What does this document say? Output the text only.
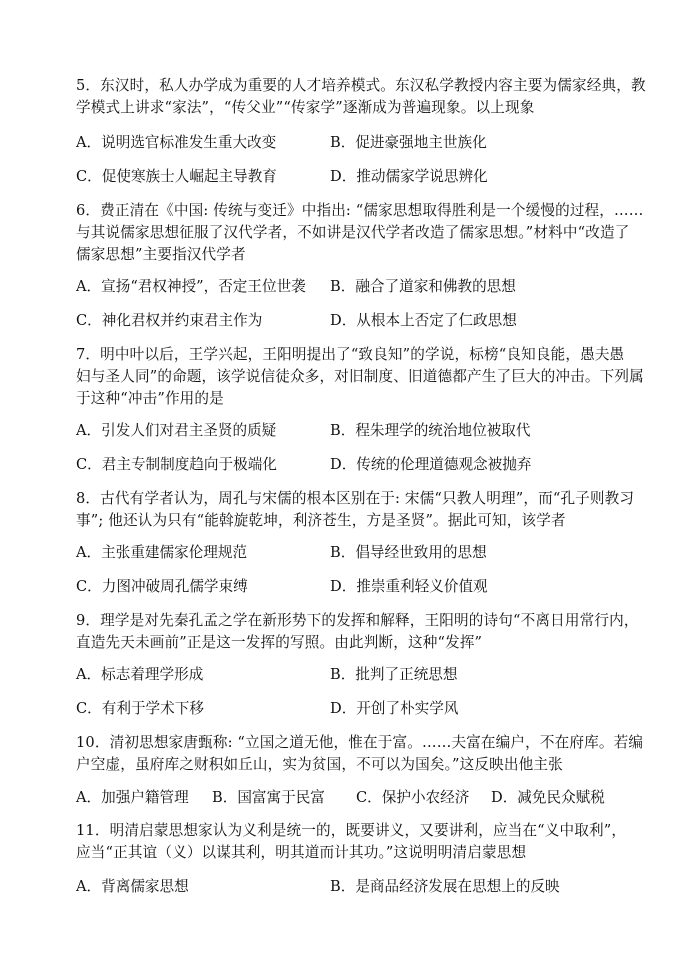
5．东汉时，私人办学成为重要的人才培养模式。东汉私学教授内容主要为儒家经典，教

学模式上讲求“家法”，“传父业”“传家学”逐渐成为普遍现象。以上现象

A．说明选官标准发生重大改变	B．促进豪强地主世族化

C．促使寒族士人崛起主导教育	D．推动儒家学说思辨化

6．费正清在《中国: 传统与变迁》中指出: “儒家思想取得胜利是一个缓慢的过程，……

与其说儒家思想征服了汉代学者，不如讲是汉代学者改造了儒家思想。”材料中“改造了

儒家思想”主要指汉代学者

A．宣扬“君权神授”，否定王位世袭 B．融合了道家和佛教的思想

C．神化君权并约束君主作为	D．从根本上否定了仁政思想

7．明中叶以后，王学兴起，王阳明提出了“致良知”的学说，标榜“良知良能，愚夫愚

妇与圣人同”的命题，该学说信徒众多，对旧制度、旧道德都产生了巨大的冲击。下列属

于这种“冲击”作用的是

A．引发人们对君主圣贤的质疑	B．程朱理学的统治地位被取代

C．君主专制制度趋向于极端化	D．传统的伦理道德观念被抛弃

8．古代有学者认为，周孔与宋儒的根本区别在于: 宋儒“只教人明理”，而“孔子则教习

事”; 他还认为只有“能斡旋乾坤，利济苍生，方是圣贤”。据此可知，该学者

A．主张重建儒家伦理规范	B．倡导经世致用的思想

C．力图冲破周孔儒学束缚	D．推崇重利轻义价值观

9．理学是对先秦孔孟之学在新形势下的发挥和解释，王阳明的诗句“不离日用常行内，

直造先天未画前”正是这一发挥的写照。由此判断，这种“发挥”

A．标志着理学形成	B．批判了正统思想

C．有利于学术下移	D．开创了朴实学风

10．清初思想家唐甄称: “立国之道无他，惟在于富。……夫富在编户，不在府库。若编

户空虚，虽府库之财积如丘山，实为贫国，不可以为国矣。”这反映出他主张

A．加强户籍管理 B．国富寓于民富 C．保护小农经济 D．减免民众赋税

11．明清启蒙思想家认为义利是统一的，既要讲义，又要讲利，应当在“义中取利”，

应当“正其谊（义）以谋其利，明其道而计其功。”这说明明清启蒙思想

A．背离儒家思想	B．是商品经济发展在思想上的反映
